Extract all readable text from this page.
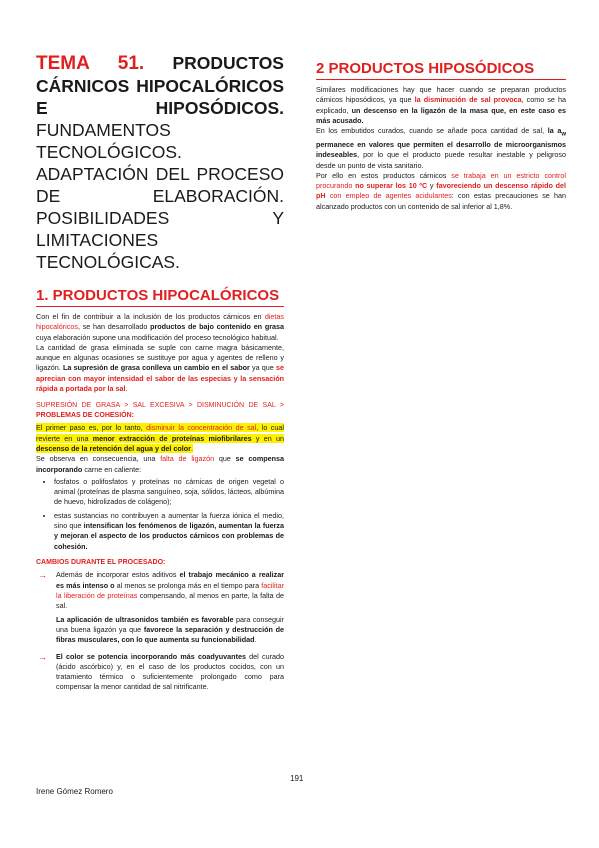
TEMA 51. PRODUCTOS
CÁRNICOS HIPOCALÓRICOS
E	HIPOSÓDICOS.
FUNDAMENTOS
TECNOLÓGICOS.
ADAPTACIÓN DEL PROCESO
DE	ELABORACIÓN.
POSIBILIDADES	Y
LIMITACIONES
TECNOLÓGICAS.
1. PRODUCTOS HIPOCALÓRICOS

Con el fin de contribuir a la inclusión de los productos cárnicos en dietas hipocalóricos, se han desarrollado productos de bajo contenido en grasa cuya elaboración supone una modificación del proceso tecnológico habitual.

La cantidad de grasa eliminada se suple con carne magra básicamente, aunque en algunas ocasiones se sustituye por agua y agentes de relleno y ligazón. La supresión de grasa conlleva un cambio en el sabor ya que se aprecian con mayor intensidad el sabor de las especias y la sensación rápida a portada por la sal.

SUPRESIÓN DE GRASA > SAL EXCESIVA > DISMINUCIÓN DE SAL > PROBLEMAS DE COHESIÓN:

El primer paso es, por lo tanto, disminuir la concentración de sal, lo cual revierte en una menor extracción de proteínas miofibrilares y en un descenso de la retención del agua y del color.

Se observa en consecuencia, una falta de ligazón que se compensa incorporando carne en caliente:

• fosfatos o polifosfatos y proteínas no cárnicas de origen vegetal o animal (proteínas de plasma sanguíneo, soja, sólidos, lácteos, albúmina de huevo, hidrolizados de colágeno);
• estas sustancias no contribuyen a aumentar la fuerza iónica el medio, sino que intensifican los fenómenos de ligazón, aumentan la fuerza y mejoran el aspecto de los productos cárnicos con problemas de cohesión.

CAMBIOS DURANTE EL PROCESADO:

→ Además de incorporar estos aditivos el trabajo mecánico a realizar es más intenso o al menos se prolonga más en el tiempo para facilitar la liberación de proteínas compensando, al menos en parte, la falta de sal.
La aplicación de ultrasonidos también es favorable para conseguir una buena ligazón ya que favorece la separación y destrucción de fibras musculares, con lo que aumenta su funcionabilidad.
→ El color se potencia incorporando más coadyuvantes del curado (ácido ascórbico) y, en el caso de los productos cocidos, con un tratamiento térmico o suficientemente prolongado como para compensar la menor cantidad de sal nitrificante.
2 PRODUCTOS HIPOSÓDICOS

Similares modificaciones hay que hacer cuando se preparan productos cárnicos hiposódicos, ya que la disminución de sal provoca, como se ha explicado, un descenso en la ligazón de la masa que, en este caso es más acusado.

En los embutidos curados, cuando se añade poca cantidad de sal, la $a_w$ permanece en valores que permiten el desarrollo de microorganismos indeseables, por lo que el producto puede resultar inestable y peligroso desde un punto de vista sanitario.

Por ello en estos productos cárnicos se trabaja en un estricto control procurando no superar los 10 ºC y favoreciendo un descenso rápido del pH con empleo de agentes acidulantes: con estas precauciones se han alcanzado productos con un contenido de sal inferior al 1,8%.

191
Irene Gómez Romero
